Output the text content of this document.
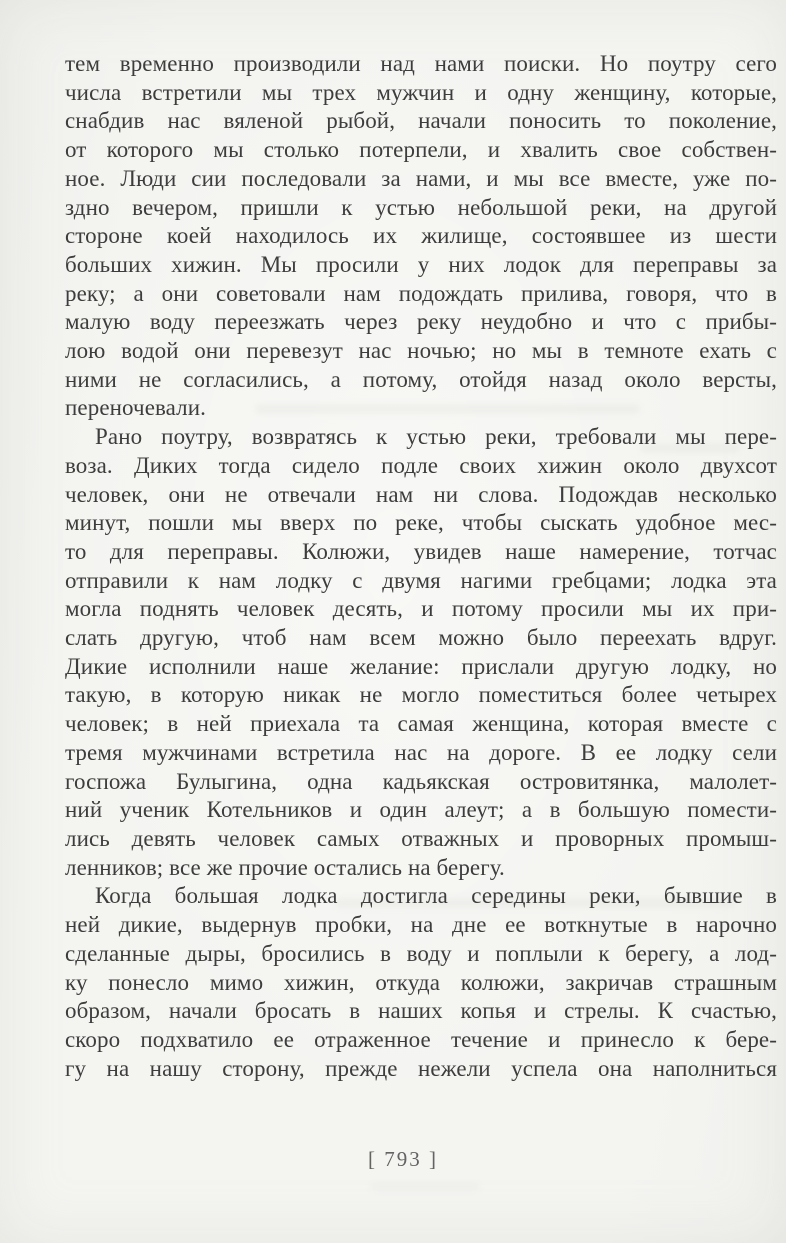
тем временно производили над нами поиски. Но поутру сего
числа встретили мы трех мужчин и одну женщину, которые,
снабдив нас вяленой рыбой, начали поносить то поколение,
от которого мы столько потерпели, и хвалить свое собствен-
ное. Люди сии последовали за нами, и мы все вместе, уже по-
здно вечером, пришли к устью небольшой реки, на другой
стороне коей находилось их жилище, состоявшее из шести
больших хижин. Мы просили у них лодок для переправы за
реку; а они советовали нам подождать прилива, говоря, что в
малую воду переезжать через реку неудобно и что с прибы-
лою водой они перевезут нас ночью; но мы в темноте ехать с
ними не согласились, а потому, отойдя назад около версты,
переночевали.
Рано поутру, возвратясь к устью реки, требовали мы пере-
воза. Диких тогда сидело подле своих хижин около двухсот
человек, они не отвечали нам ни слова. Подождав несколько
минут, пошли мы вверх по реке, чтобы сыскать удобное мес-
то для переправы. Колюжи, увидев наше намерение, тотчас
отправили к нам лодку с двумя нагими гребцами; лодка эта
могла поднять человек десять, и потому просили мы их при-
слать другую, чтоб нам всем можно было переехать вдруг.
Дикие исполнили наше желание: прислали другую лодку, но
такую, в которую никак не могло поместиться более четырех
человек; в ней приехала та самая женщина, которая вместе с
тремя мужчинами встретила нас на дороге. В ее лодку сели
госпожа Булыгина, одна кадьякская островитянка, малолет-
ний ученик Котельников и один алеут; а в большую помести-
лись девять человек самых отважных и проворных промыш-
ленников; все же прочие остались на берегу.
Когда большая лодка достигла середины реки, бывшие в
ней дикие, выдернув пробки, на дне ее воткнутые в нарочно
сделанные дыры, бросились в воду и поплыли к берегу, а лод-
ку понесло мимо хижин, откуда колюжи, закричав страшным
образом, начали бросать в наших копья и стрелы. К счастью,
скоро подхватило ее отраженное течение и принесло к бере-
гу на нашу сторону, прежде нежели успела она наполниться
[ 793 ]
